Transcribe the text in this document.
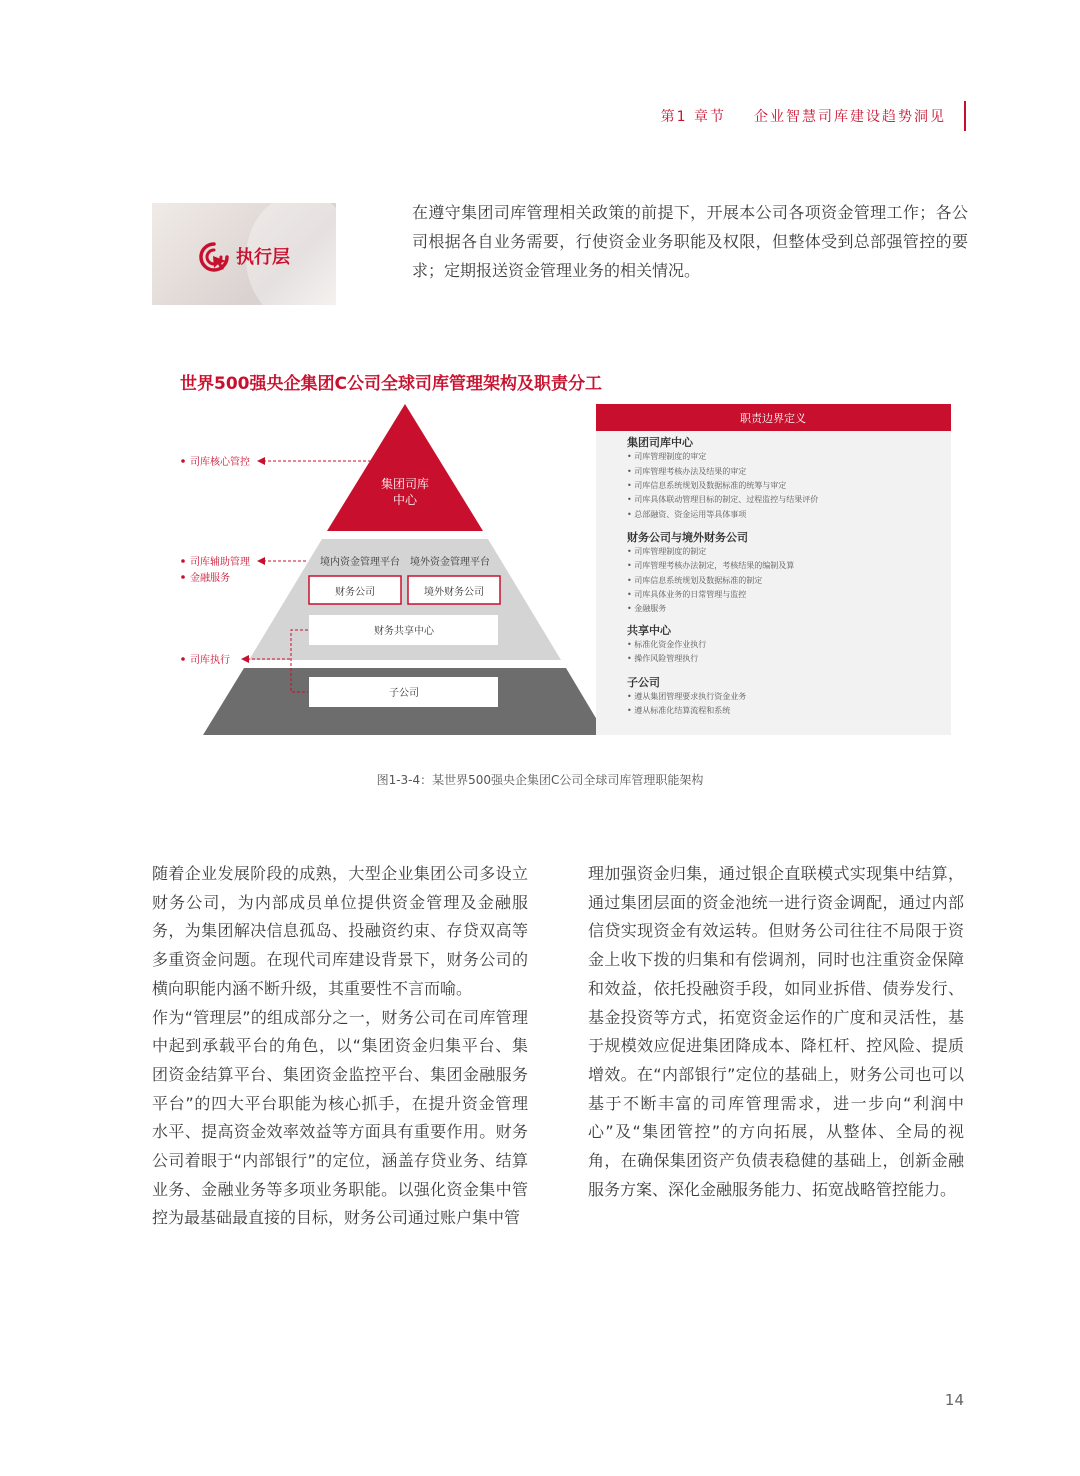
第1 章节 企业智慧司库建设趋势洞见
执行层
在遵守集团司库管理相关政策的前提下，开展本公司各项资金管理工作；各公司根据各自业务需要，行使资金业务职能及权限，但整体受到总部强管控的要求；定期报送资金管理业务的相关情况。
世界500强央企集团C公司全球司库管理架构及职责分工
集团司库
中心
境内资金管理平台 境外资金管理平台
财务公司	境外财务公司
财务共享中心
子公司
司库核心管控
司库辅助管理
金融服务
司库执行
职责边界定义
集团司库中心
• 司库管理制度的审定
• 司库管理考核办法及结果的审定
• 司库信息系统规划及数据标准的统筹与审定
• 司库具体联动管理目标的制定、过程监控与结果评价
• 总部融资、资金运用等具体事项
财务公司与境外财务公司
• 司库管理制度的制定
• 司库管理考核办法制定，考核结果的编制及算
• 司库信息系统规划及数据标准的制定
• 司库具体业务的日常管理与监控
• 金融服务
共享中心
• 标准化资金作业执行
• 操作风险管理执行
子公司
• 遵从集团管理要求执行资金业务
• 遵从标准化结算流程和系统
图1-3-4：某世界500强央企集团C公司全球司库管理职能架构

随着企业发展阶段的成熟，大型企业集团公司多设立财务公司，为内部成员单位提供资金管理及金融服务，为集团解决信息孤岛、投融资约束、存贷双高等多重资金问题。在现代司库建设背景下，财务公司的横向职能内涵不断升级，其重要性不言而喻。

作为“管理层”的组成部分之一，财务公司在司库管理中起到承载平台的角色，以“集团资金归集平台、集团资金结算平台、集团资金监控平台、集团金融服务平台”的四大平台职能为核心抓手，在提升资金管理水平、提高资金效率效益等方面具有重要作用。财务公司着眼于“内部银行”的定位，涵盖存贷业务、结算业务、金融业务等多项业务职能。以强化资金集中管控为最基础最直接的目标，财务公司通过账户集中管

理加强资金归集，通过银企直联模式实现集中结算，通过集团层面的资金池统一进行资金调配，通过内部信贷实现资金有效运转。但财务公司往往不局限于资金上收下拨的归集和有偿调剂，同时也注重资金保障和效益，依托投融资手段，如同业拆借、债券发行、基金投资等方式，拓宽资金运作的广度和灵活性，基于规模效应促进集团降成本、降杠杆、控风险、提质增效。在“内部银行”定位的基础上，财务公司也可以基于不断丰富的司库管理需求，进一步向“利润中心”及“集团管控”的方向拓展，从整体、全局的视角，在确保集团资产负债表稳健的基础上，创新金融服务方案、深化金融服务能力、拓宽战略管控能力。

14
